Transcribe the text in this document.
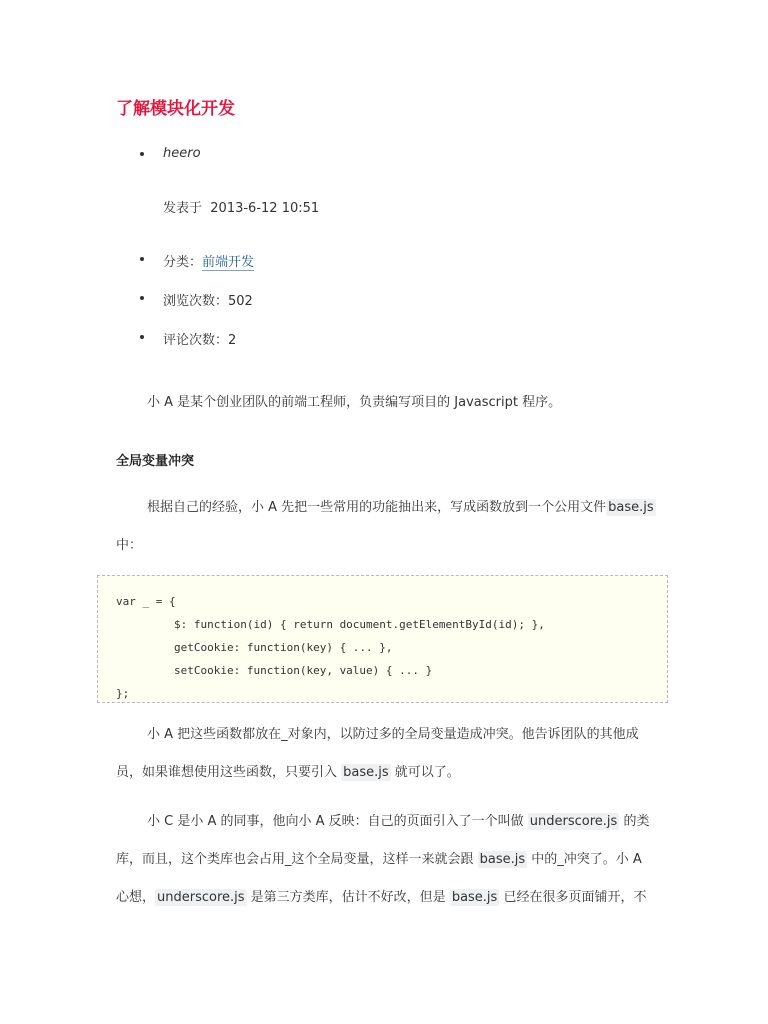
了解模块化开发
heero
发表于 2013-6-12 10:51
分类：前端开发
浏览次数：502
评论次数：2

小 A 是某个创业团队的前端工程师，负责编写项目的 Javascript 程序。

全局变量冲突

根据自己的经验，小 A 先把一些常用的功能抽出来，写成函数放到一个公用文件 base.js中：

var _ = {
$: function(id) { return document.getElementById(id); },
getCookie: function(key) { ... },
setCookie: function(key, value) { ... }
};

小 A 把这些函数都放在_对象内，以防过多的全局变量造成冲突。他告诉团队的其他成员，如果谁想使用这些函数，只要引入 base.js 就可以了。

小 C 是小 A 的同事，他向小 A 反映：自己的页面引入了一个叫做 underscore.js 的类库，而且，这个类库也会占用_这个全局变量，这样一来就会跟 base.js 中的_冲突了。小 A 心想， underscore.js 是第三方类库，估计不好改，但是 base.js 已经在很多页面铺开，不
